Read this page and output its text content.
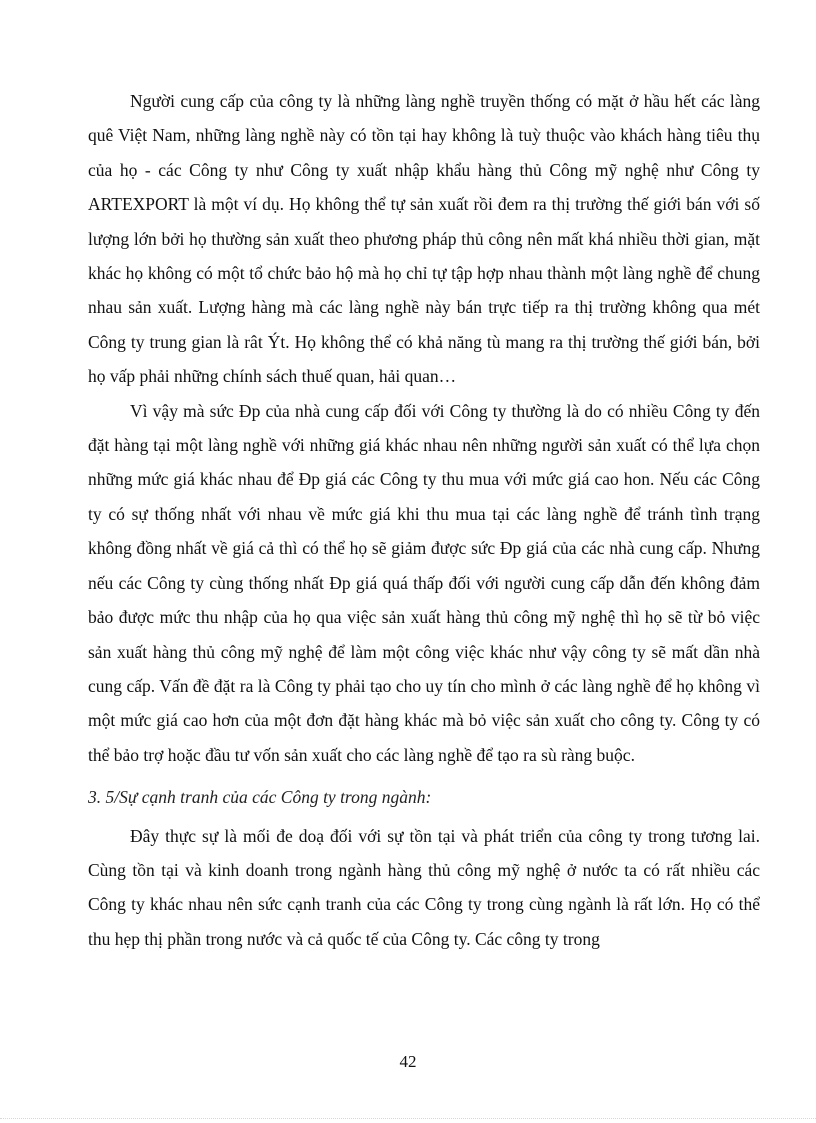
Người cung cấp của công ty là những làng nghề truyền thống có mặt ở hầu hết các làng quê Việt Nam, những làng nghề này có tồn tại hay không là tuỳ thuộc vào khách hàng tiêu thụ của họ - các Công ty như Công ty xuất nhập khẩu hàng thủ Công mỹ nghệ như Công ty ARTEXPORT là một ví dụ. Họ không thể tự sản xuất rồi đem ra thị trường thế giới bán với số lượng lớn bởi họ thường sản xuất theo phương pháp thủ công nên mất khá nhiều thời gian, mặt khác họ không có một tổ chức bảo hộ mà họ chỉ tự tập hợp nhau thành một làng nghề để chung nhau sản xuất. Lượng hàng mà các làng nghề này bán trực tiếp ra thị trường không qua mét Công ty trung gian là rât Ýt. Họ không thể có khả năng tù mang ra thị trường thế giới bán, bởi họ vấp phải những chính sách thuế quan, hải quan…

Vì vậy mà sức Đp của nhà cung cấp đối với Công ty thường là do có nhiều Công ty đến đặt hàng tại một làng nghề với những giá khác nhau nên những người sản xuất có thể lựa chọn những mức giá khác nhau để Đp giá các Công ty thu mua với mức giá cao hon. Nếu các Công ty có sự thống nhất với nhau về mức giá khi thu mua tại các làng nghề để tránh tình trạng không đồng nhất về giá cả thì có thể họ sẽ giảm được sức Đp giá của các nhà cung cấp. Nhưng nếu các Công ty cùng thống nhất Đp giá quá thấp đối với người cung cấp dẫn đến không đảm bảo được mức thu nhập của họ qua việc sản xuất hàng thủ công mỹ nghệ thì họ sẽ từ bỏ việc sản xuất hàng thủ công mỹ nghệ để làm một công việc khác như vậy công ty sẽ mất dần nhà cung cấp. Vấn đề đặt ra là Công ty phải tạo cho uy tín cho mình ở các làng nghề để họ không vì một mức giá cao hơn của một đơn đặt hàng khác mà bỏ việc sản xuất cho công ty. Công ty có thể bảo trợ hoặc đầu tư vốn sản xuất cho các làng nghề để tạo ra sù ràng buộc.

3. 5/Sự cạnh tranh của các Công ty trong ngành:

Đây thực sự là mối đe doạ đối với sự tồn tại và phát triển của công ty trong tương lai. Cùng tồn tại và kinh doanh trong ngành hàng thủ công mỹ nghệ ở nước ta có rất nhiều các Công ty khác nhau nên sức cạnh tranh của các Công ty trong cùng ngành là rất lớn. Họ có thể thu hẹp thị phần trong nước và cả quốc tế của Công ty. Các công ty trong

42
